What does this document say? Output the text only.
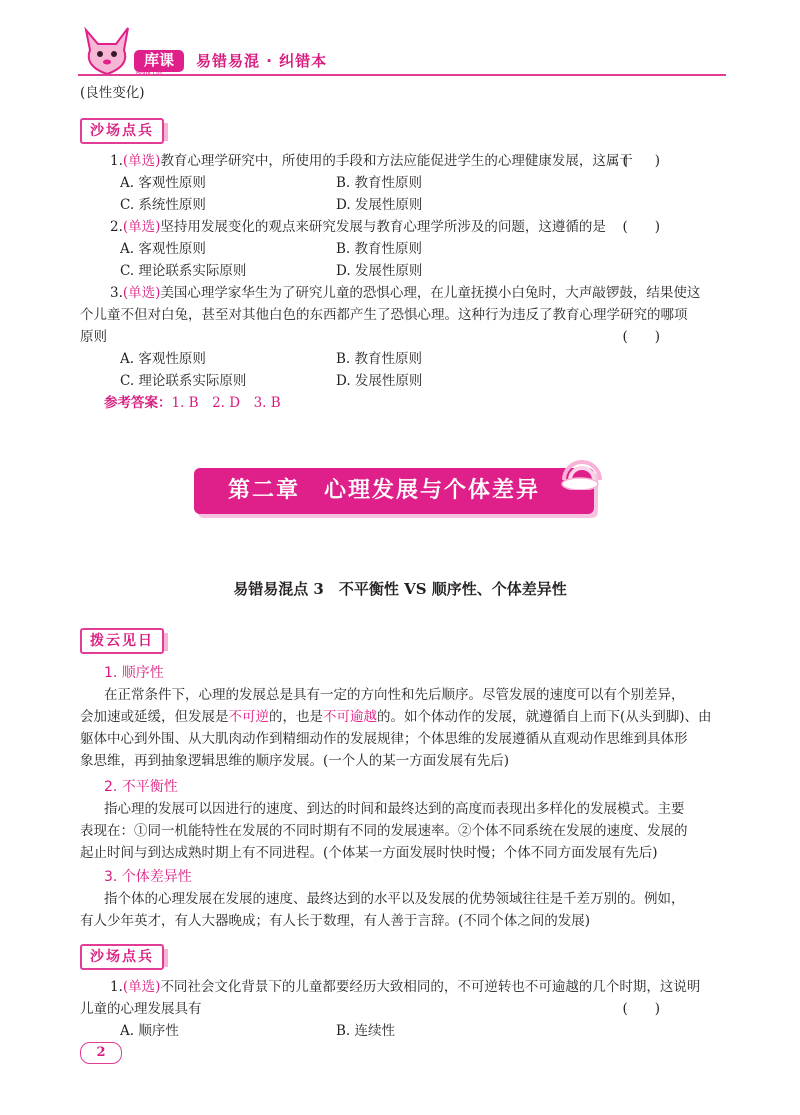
库课	易错易混 · 纠错本
(良性变化)
沙场点兵
1.(单选)教育心理学研究中，所使用的手段和方法应能促进学生的心理健康发展，这属于
(　　)
A. 客观性原则	B. 教育性原则
C. 系统性原则	D. 发展性原则
2.(单选)坚持用发展变化的观点来研究发展与教育心理学所涉及的问题，这遵循的是 (　　)
A. 客观性原则	B. 教育性原则
C. 理论联系实际原则	D. 发展性原则
3.(单选)美国心理学家华生为了研究儿童的恐惧心理，在儿童抚摸小白兔时，大声敲锣鼓，结果使这
个儿童不但对白兔，甚至对其他白色的东西都产生了恐惧心理。这种行为违反了教育心理学研究的哪项
原则	(　　)
A. 客观性原则	B. 教育性原则
C. 理论联系实际原则	D. 发展性原则
参考答案：1. B　2. D　3. B
第二章　心理发展与个体差异
易错易混点 3　不平衡性 VS 顺序性、个体差异性
拨云见日
1. 顺序性
在正常条件下，心理的发展总是具有一定的方向性和先后顺序。尽管发展的速度可以有个别差异，
会加速或延缓，但发展是不可逆的，也是不可逾越的。如个体动作的发展，就遵循自上而下(从头到脚)、由
躯体中心到外围、从大肌肉动作到精细动作的发展规律；个体思维的发展遵循从直观动作思维到具体形
象思维，再到抽象逻辑思维的顺序发展。(一个人的某一方面发展有先后)
2. 不平衡性
指心理的发展可以因进行的速度、到达的时间和最终达到的高度而表现出多样化的发展模式。主要
表现在：①同一机能特性在发展的不同时期有不同的发展速率。②个体不同系统在发展的速度、发展的
起止时间与到达成熟时期上有不同进程。(个体某一方面发展时快时慢；个体不同方面发展有先后)
3. 个体差异性
指个体的心理发展在发展的速度、最终达到的水平以及发展的优势领域往往是千差万别的。例如，
有人少年英才，有人大器晚成；有人长于数理，有人善于言辞。(不同个体之间的发展)
沙场点兵
1.(单选)不同社会文化背景下的儿童都要经历大致相同的，不可逆转也不可逾越的几个时期，这说明
儿童的心理发展具有	(　　)
A. 顺序性	B. 连续性
2
